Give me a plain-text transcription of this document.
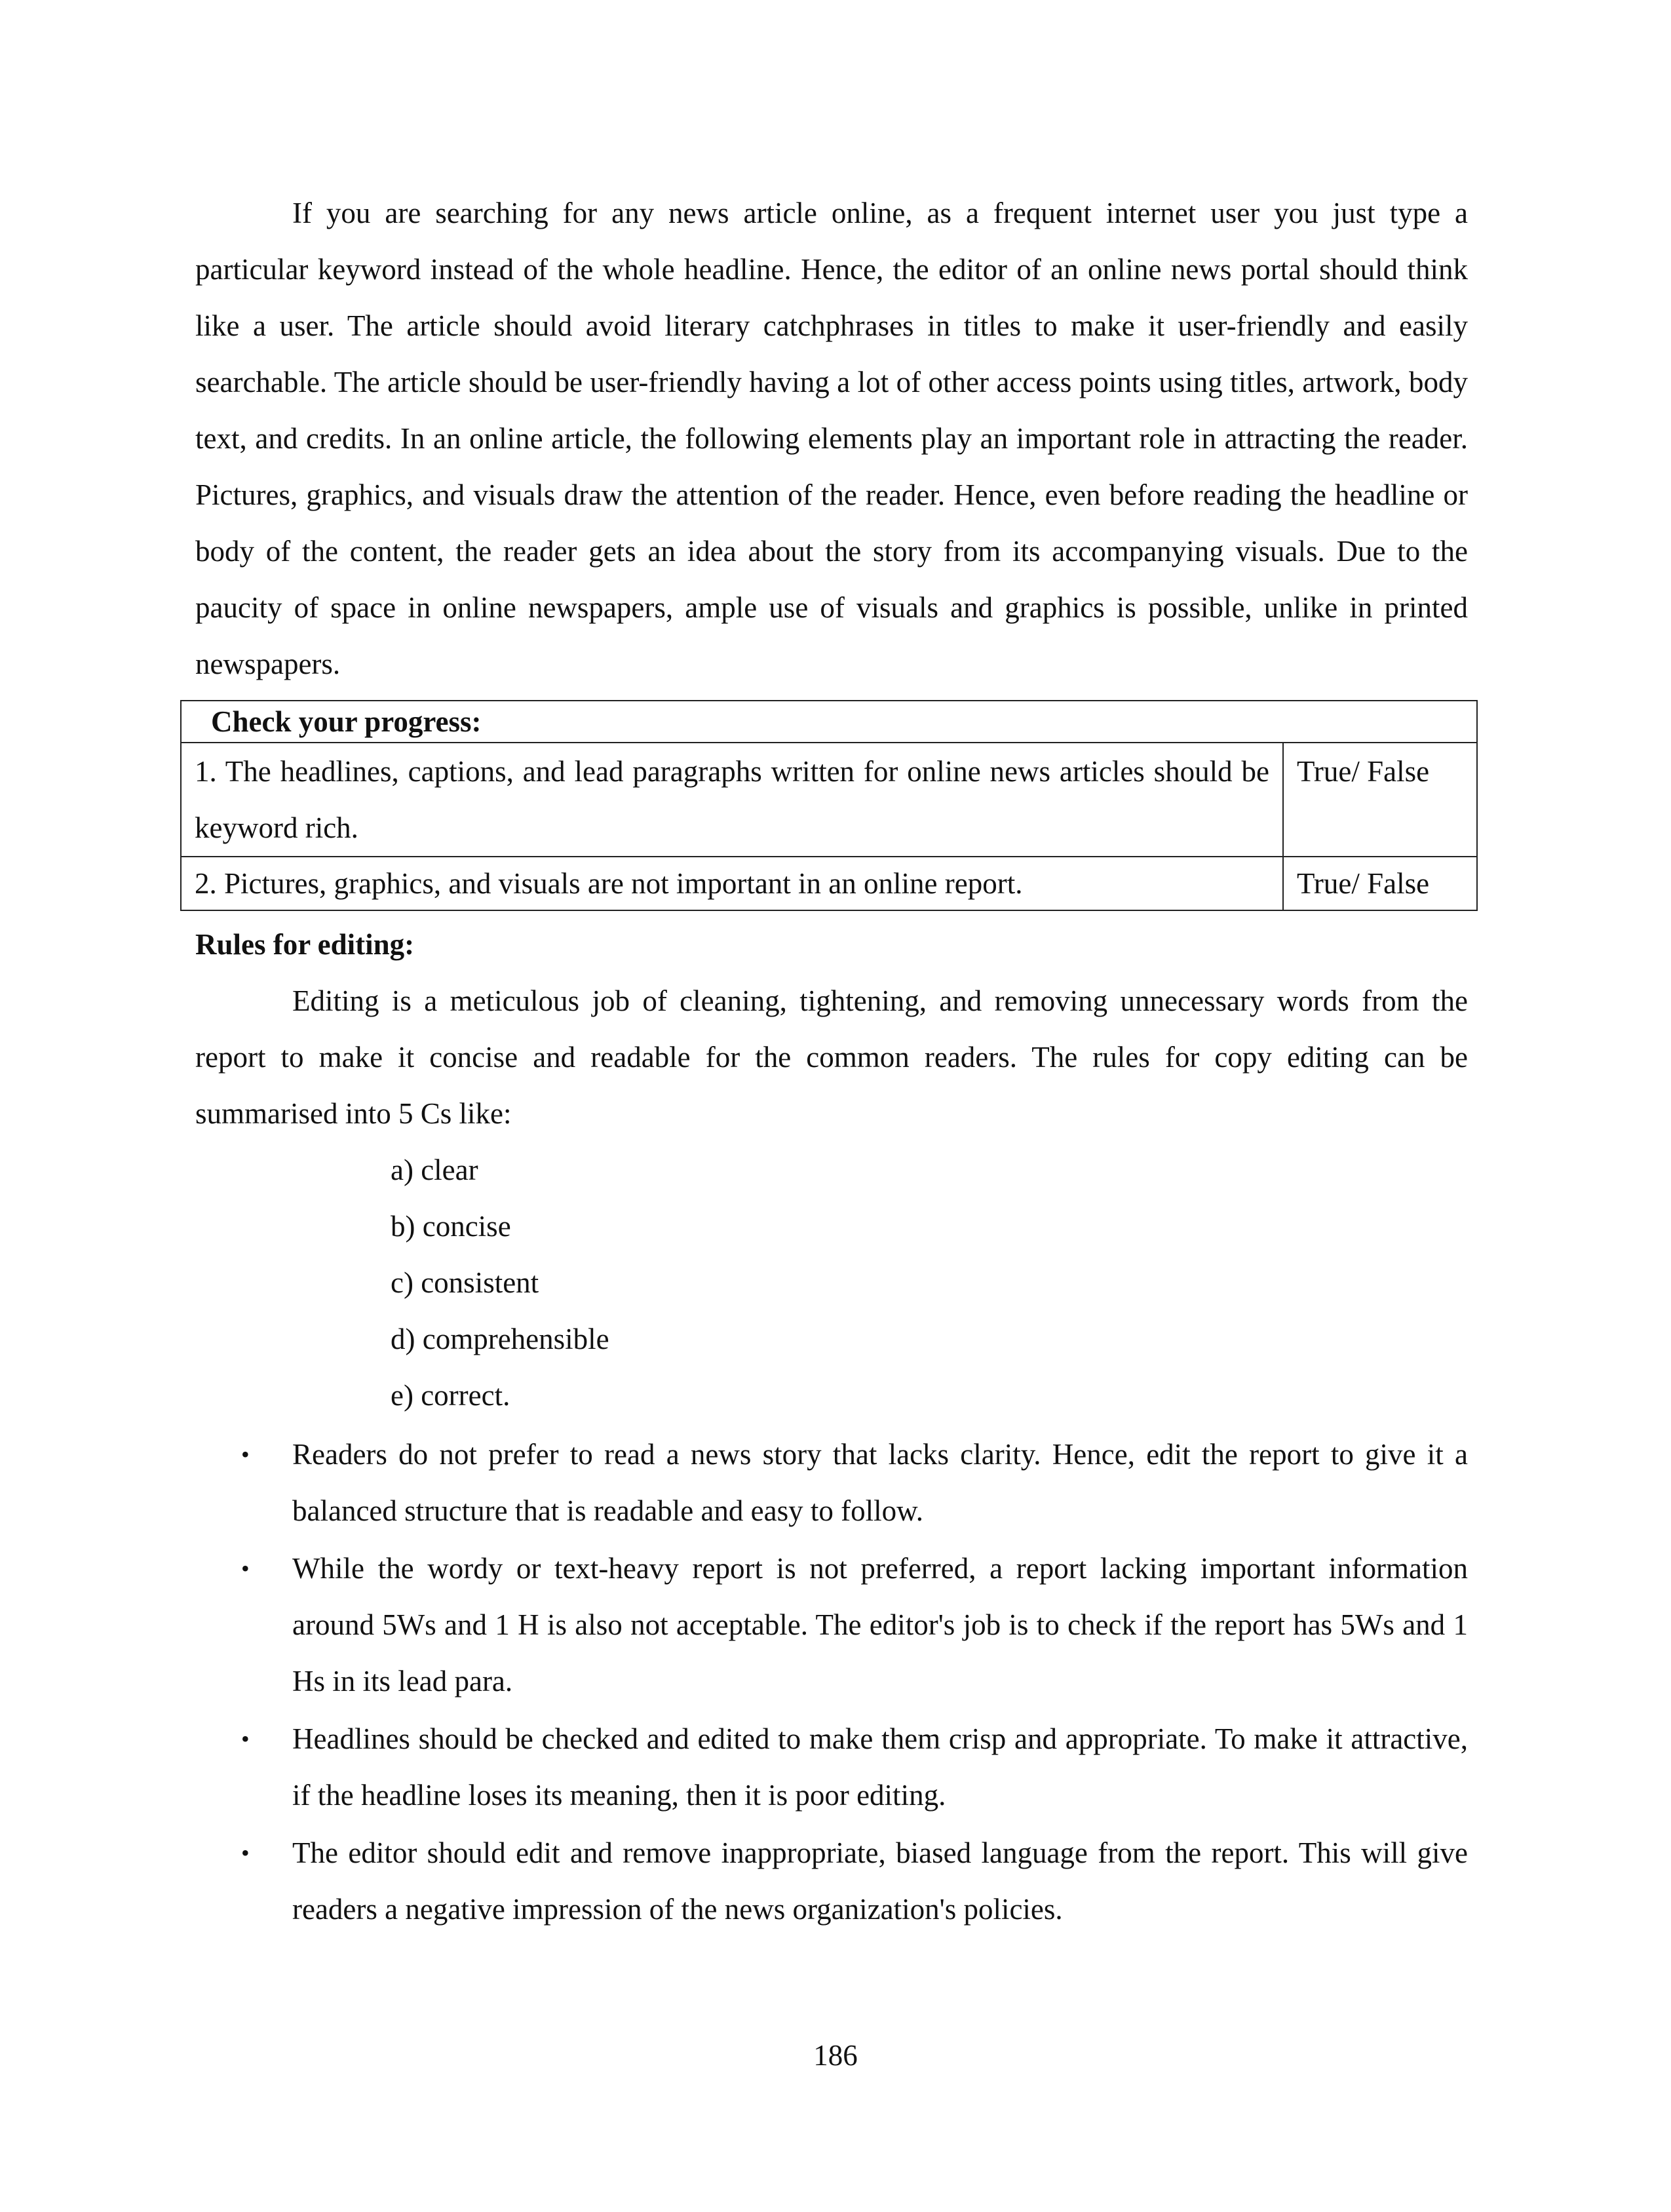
If you are searching for any news article online, as a frequent internet user you just type a particular keyword instead of the whole headline. Hence, the editor of an online news portal should think like a user. The article should avoid literary catchphrases in titles to make it user-friendly and easily searchable. The article should be user-friendly having a lot of other access points using titles, artwork, body text, and credits. In an online article, the following elements play an important role in attracting the reader. Pictures, graphics, and visuals draw the attention of the reader. Hence, even before reading the headline or body of the content, the reader gets an idea about the story from its accompanying visuals. Due to the paucity of space in online newspapers, ample use of visuals and graphics is possible, unlike in printed newspapers.

Check your progress:	
1. The headlines, captions, and lead paragraphs written for online news articles should be keyword rich.	True/ False
2. Pictures, graphics, and visuals are not important in an online report.	True/ False
Rules for editing:

Editing is a meticulous job of cleaning, tightening, and removing unnecessary words from the report to make it concise and readable for the common readers. The rules for copy editing can be summarised into 5 Cs like:

a) clear
b) concise
c) consistent
d) comprehensible
e) correct.
• Readers do not prefer to read a news story that lacks clarity. Hence, edit the report to give it a balanced structure that is readable and easy to follow.
• While the wordy or text-heavy report is not preferred, a report lacking important information around 5Ws and 1 H is also not acceptable. The editor's job is to check if the report has 5Ws and 1 Hs in its lead para.
• Headlines should be checked and edited to make them crisp and appropriate. To make it attractive, if the headline loses its meaning, then it is poor editing.
• The editor should edit and remove inappropriate, biased language from the report. This will give readers a negative impression of the news organization's policies.
186
